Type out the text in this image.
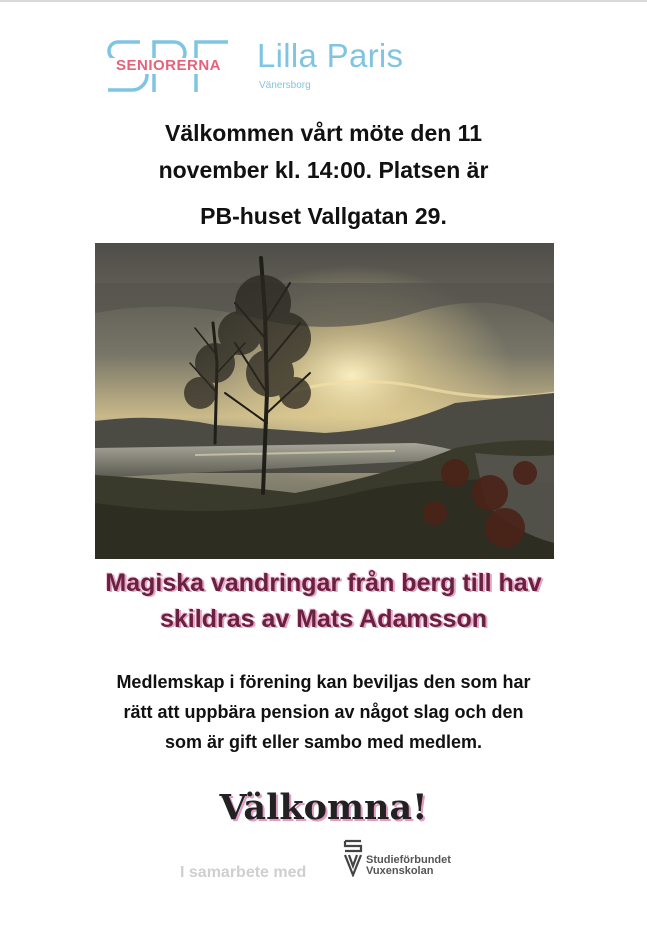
SENIORERNA	Lilla Paris
Vänersborg
Välkommen vårt möte den 11
november kl. 14:00. Platsen är
PB-huset Vallgatan 29.
Magiska vandringar från berg till hav
skildras av Mats Adamsson
Medlemskap i förening kan beviljas den som har
rätt att uppbära pension av något slag och den
som är gift eller sambo med medlem.
Välkomna!
I samarbete med
Studieförbundet
Vuxenskolan
